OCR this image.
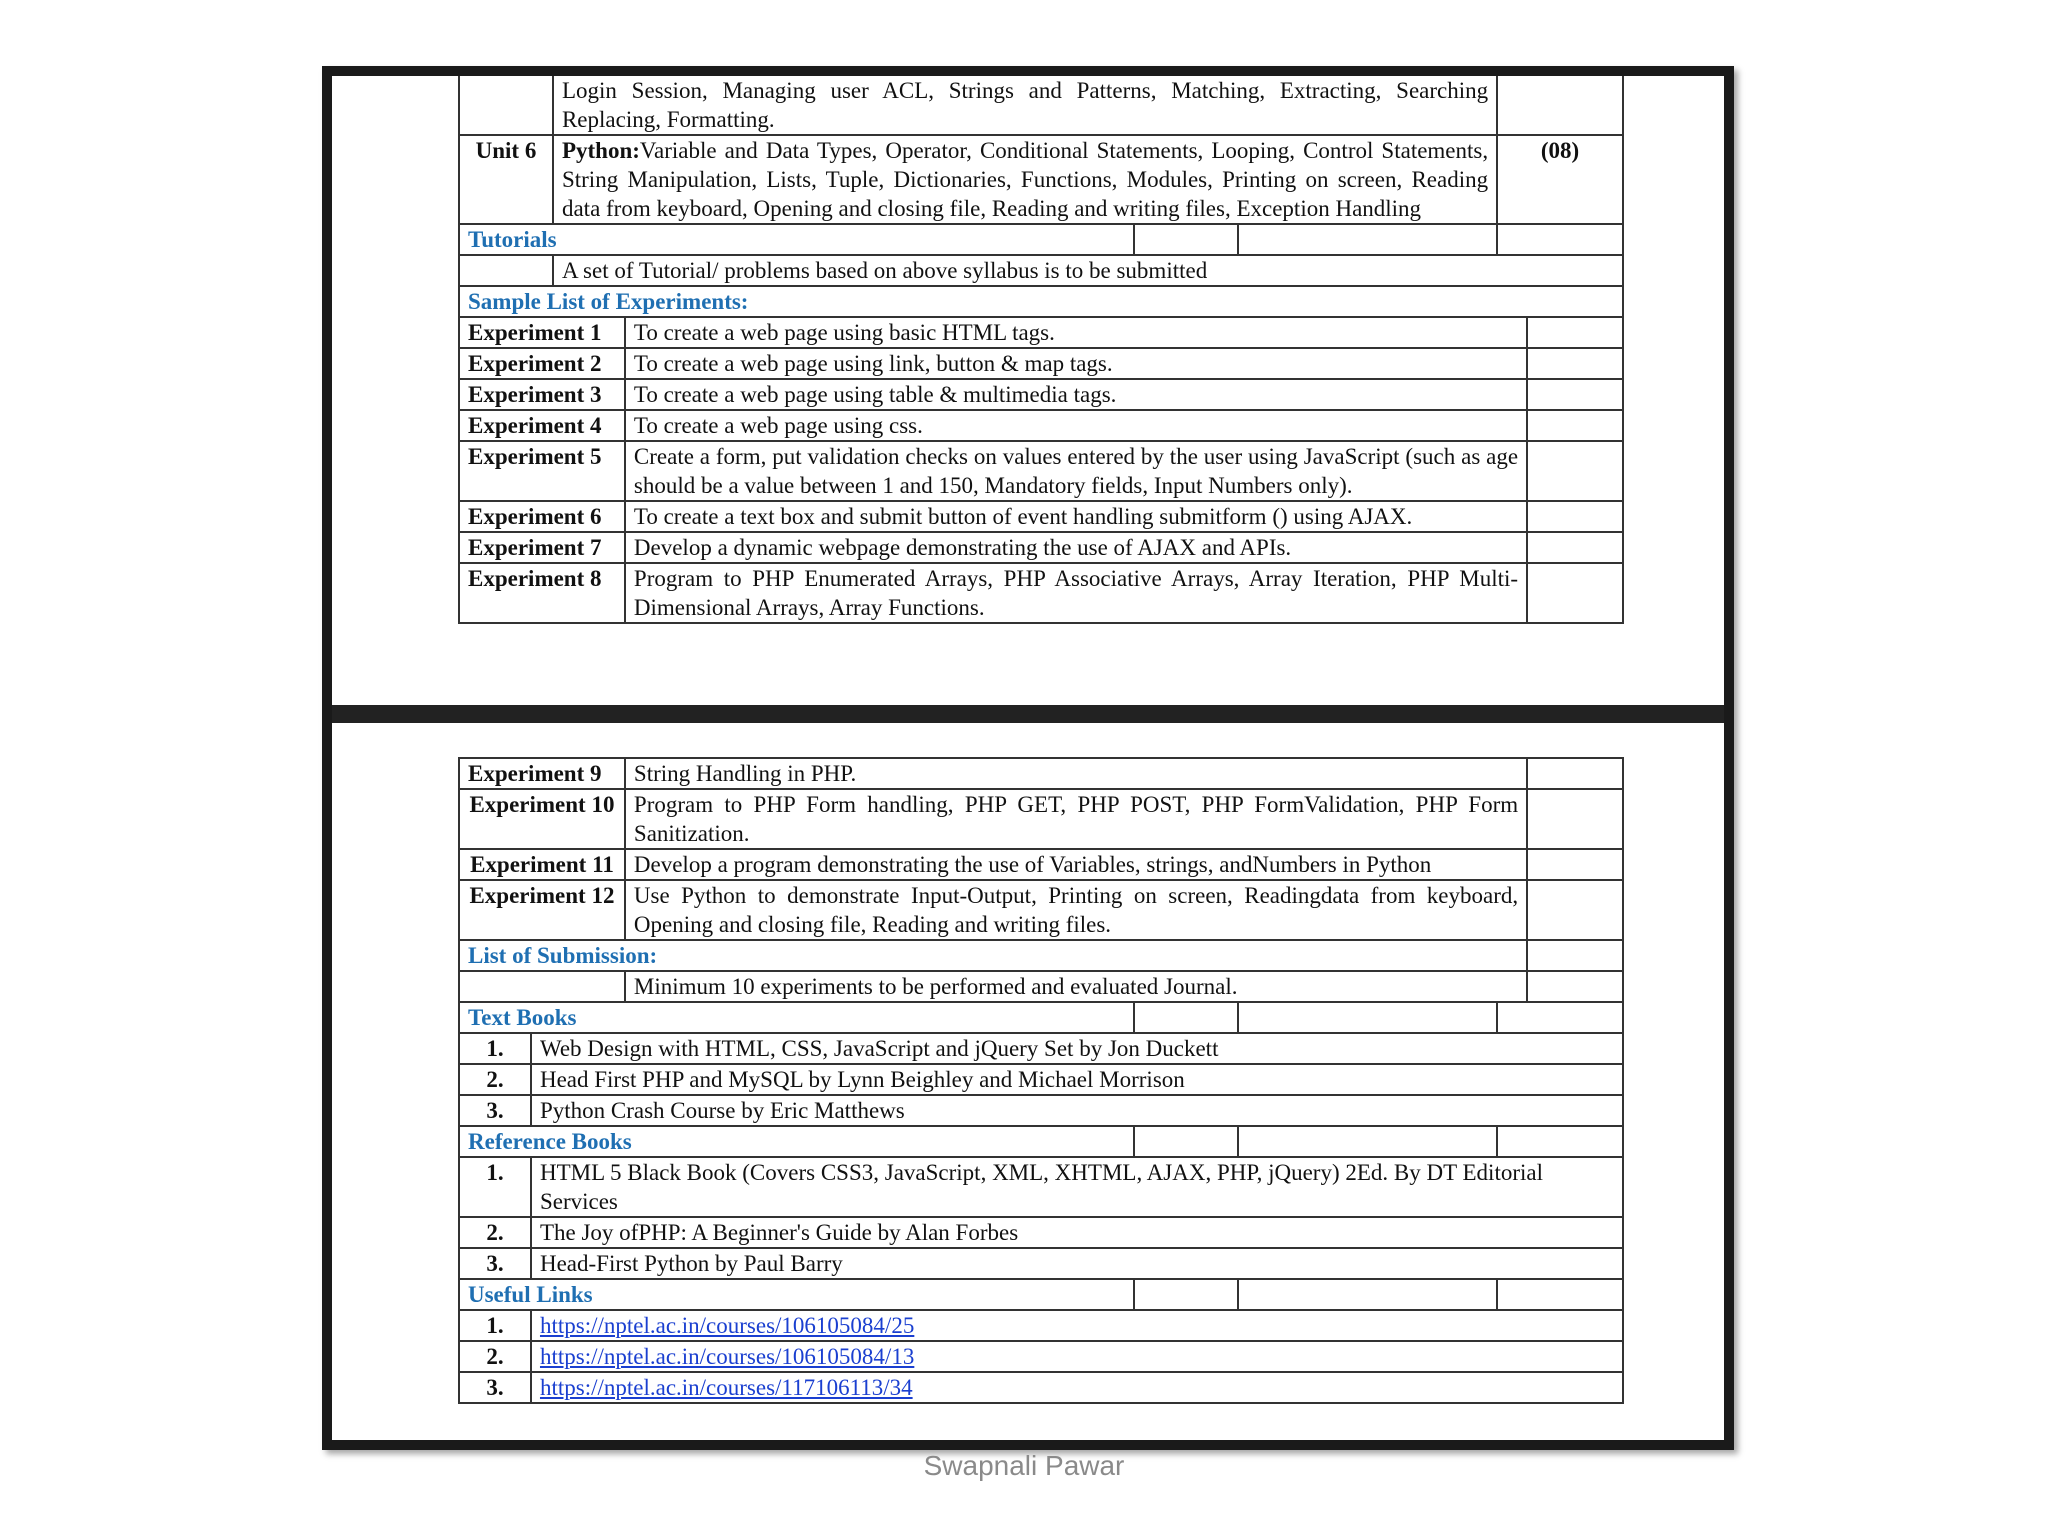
	Login Session, Managing user ACL, Strings and Patterns, Matching, Extracting, Searching Replacing, Formatting.					
Unit 6	Python:Variable and Data Types, Operator, Conditional Statements, Looping, Control Statements, String Manipulation, Lists, Tuple, Dictionaries, Functions, Modules, Printing on screen, Reading data from keyboard, Opening and closing file, Reading and writing files, Exception Handling				(08)	
Tutorials						
	A set of Tutorial/ problems based on above syllabus is to be submitted					
Sample List of Experiments:						
Experiment 1		To create a web page using basic HTML tags.				
Experiment 2		To create a web page using link, button & map tags.				
Experiment 3		To create a web page using table & multimedia tags.				
Experiment 4		To create a web page using css.				
Experiment 5		Create a form, put validation checks on values entered by the user using JavaScript (such as age should be a value between 1 and 150, Mandatory fields, Input Numbers only).				
Experiment 6		To create a text box and submit button of event handling submitform () using AJAX.				
Experiment 7		Develop a dynamic webpage demonstrating the use of AJAX and APIs.				
Experiment 8		Program to PHP Enumerated Arrays, PHP Associative Arrays, Array Iteration, PHP Multi-Dimensional Arrays, Array Functions.				
Experiment 9		String Handling in PHP.				
Experiment 10		Program to PHP Form handling, PHP GET, PHP POST, PHP FormValidation, PHP Form Sanitization.				
Experiment 11		Develop a program demonstrating the use of Variables, strings, andNumbers in Python				
Experiment 12		Use Python to demonstrate Input-Output, Printing on screen, Readingdata from keyboard, Opening and closing file, Reading and writing files.				
List of Submission:						
		Minimum 10 experiments to be performed and evaluated Journal.				
Text Books						
1.	Web Design with HTML, CSS, JavaScript and jQuery Set by Jon Duckett					
2.	Head First PHP and MySQL by Lynn Beighley and Michael Morrison					
3.	Python Crash Course by Eric Matthews					
Reference Books						
1.	HTML 5 Black Book (Covers CSS3, JavaScript, XML, XHTML, AJAX, PHP, jQuery) 2Ed. By DT Editorial Services					
2.	The Joy ofPHP: A Beginner's Guide by Alan Forbes					
3.	Head-First Python by Paul Barry					
Useful Links						
1.	https://nptel.ac.in/courses/106105084/25					
2.	https://nptel.ac.in/courses/106105084/13					
3.	https://nptel.ac.in/courses/117106113/34					
Swapnali Pawar
